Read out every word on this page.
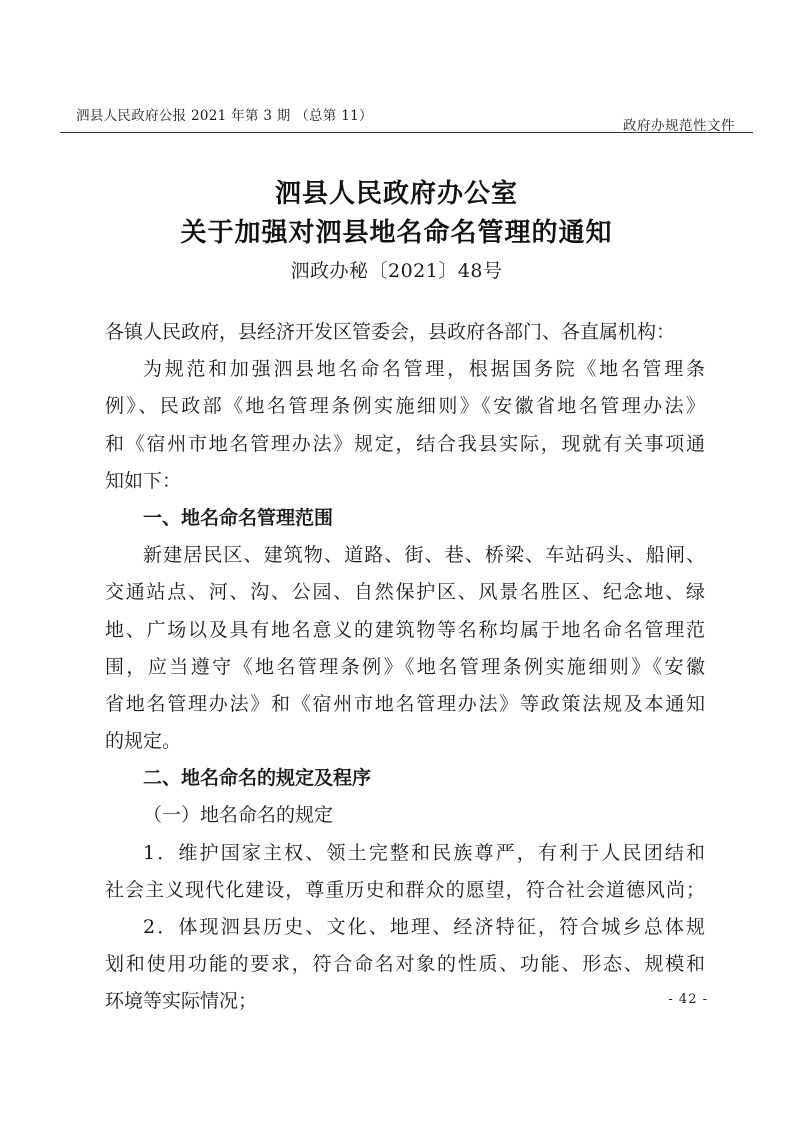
泗县人民政府公报 2021 年第 3 期 （总第 11）
政府办规范性文件
泗县人民政府办公室
关于加强对泗县地名命名管理的通知
泗政办秘〔2021〕48号
各镇人民政府，县经济开发区管委会，县政府各部门、各直属机构：
为规范和加强泗县地名命名管理，根据国务院《地名管理条
例》、民政部《地名管理条例实施细则》《安徽省地名管理办法》
和《宿州市地名管理办法》规定，结合我县实际，现就有关事项通
知如下：
一、地名命名管理范围
新建居民区、建筑物、道路、街、巷、桥梁、车站码头、船闸、
交通站点、河、沟、公园、自然保护区、风景名胜区、纪念地、绿
地、广场以及具有地名意义的建筑物等名称均属于地名命名管理范
围，应当遵守《地名管理条例》《地名管理条例实施细则》《安徽
省地名管理办法》和《宿州市地名管理办法》等政策法规及本通知
的规定。
二、地名命名的规定及程序
（一）地名命名的规定
1．维护国家主权、领土完整和民族尊严，有利于人民团结和
社会主义现代化建设，尊重历史和群众的愿望，符合社会道德风尚；
2．体现泗县历史、文化、地理、经济特征，符合城乡总体规
划和使用功能的要求，符合命名对象的性质、功能、形态、规模和
环境等实际情况；	- 42 -
